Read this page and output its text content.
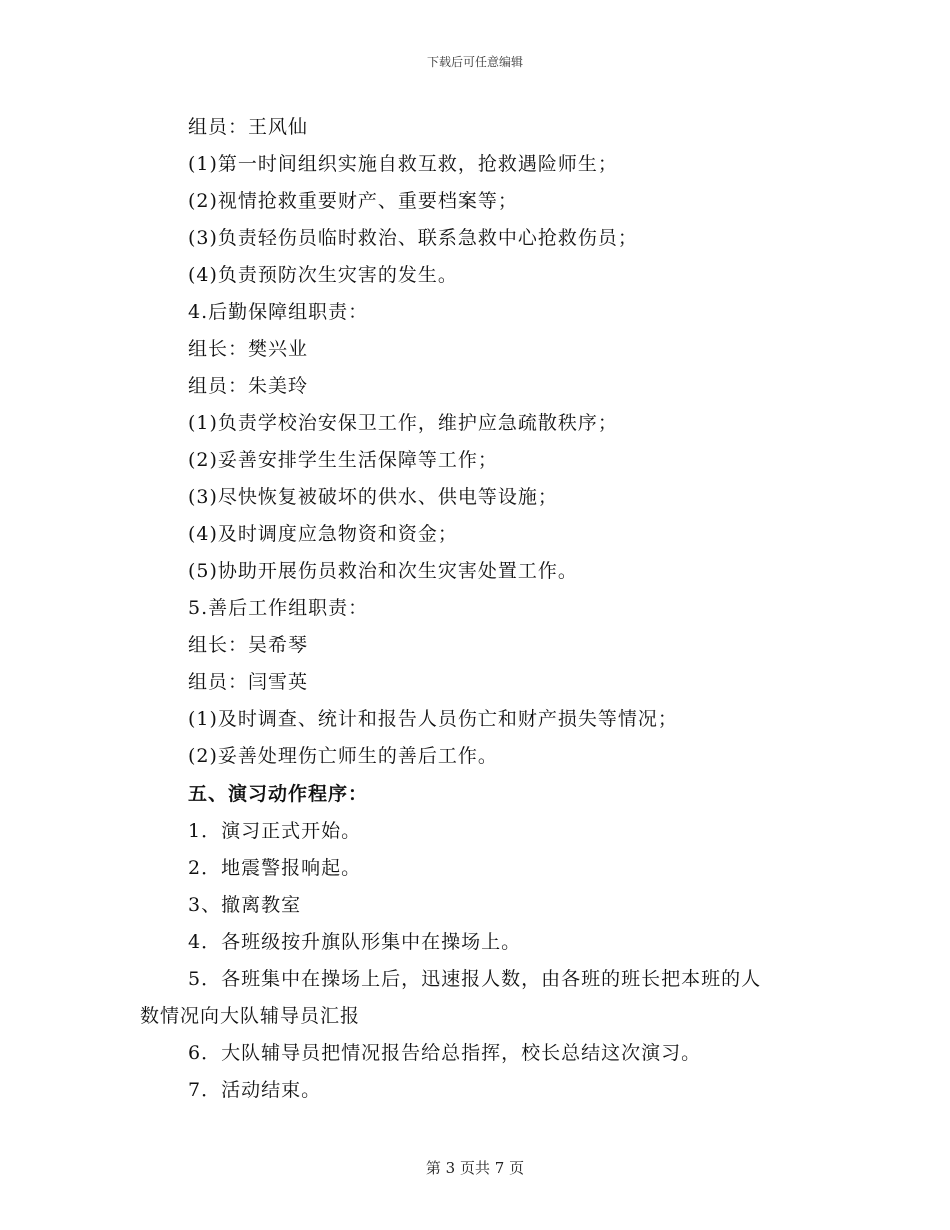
下载后可任意编辑
组员：王风仙
(1)第一时间组织实施自救互救，抢救遇险师生；
(2)视情抢救重要财产、重要档案等；
(3)负责轻伤员临时救治、联系急救中心抢救伤员；
(4)负责预防次生灾害的发生。
4.后勤保障组职责：
组长：樊兴业
组员：朱美玲
(1)负责学校治安保卫工作，维护应急疏散秩序；
(2)妥善安排学生生活保障等工作；
(3)尽快恢复被破坏的供水、供电等设施；
(4)及时调度应急物资和资金；
(5)协助开展伤员救治和次生灾害处置工作。
5.善后工作组职责：
组长：吴希琴
组员：闫雪英
(1)及时调查、统计和报告人员伤亡和财产损失等情况；
(2)妥善处理伤亡师生的善后工作。
五、演习动作程序：
1．演习正式开始。
2．地震警报响起。
3、撤离教室
4．各班级按升旗队形集中在操场上。
5．各班集中在操场上后，迅速报人数，由各班的班长把本班的人
数情况向大队辅导员汇报
6．大队辅导员把情况报告给总指挥，校长总结这次演习。
7．活动结束。
第 3 页共 7 页
